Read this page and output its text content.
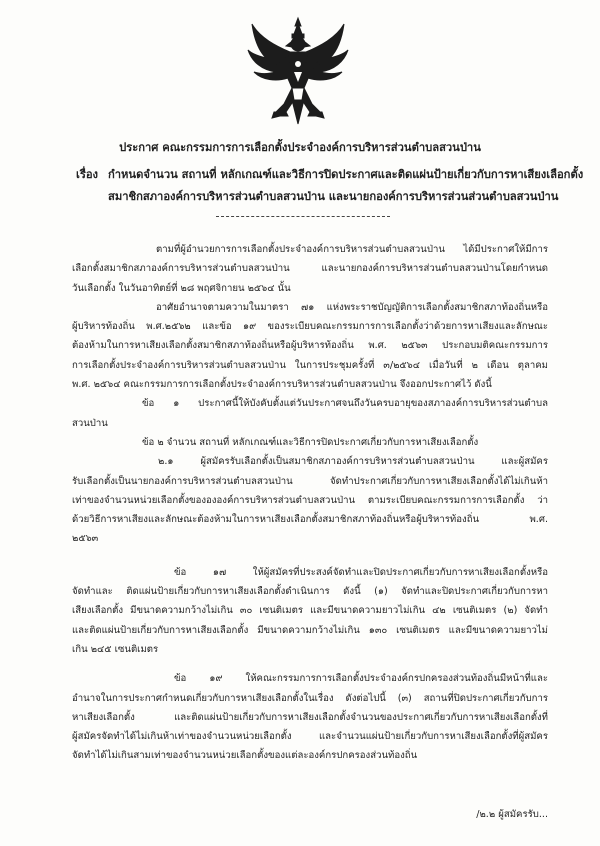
ประกาศ คณะกรรมการการเลือกตั้งประจำองค์การบริหารส่วนตำบลสวนป่าน
เรื่อง กำหนดจำนวน สถานที่ หลักเกณฑ์และวิธีการปิดประกาศและติดแผ่นป้ายเกี่ยวกับการหาเสียงเลือกตั้ง
สมาชิกสภาองค์การบริหารส่วนตำบลสวนป่าน และนายกองค์การบริหารส่วนส่วนตำบลสวนป่าน
ตามที่ผู้อำนวยการการเลือกตั้งประจำองค์การบริหารส่วนตำบลสวนป่าน ได้มีประกาศให้มีการ
เลือกตั้งสมาชิกสภาองค์การบริหารส่วนตำบลสวนป่าน และนายกองค์การบริหารส่วนตำบลสวนป่านโดยกำหนด
วันเลือกตั้ง ในวันอาทิตย์ที่ ๒๘ พฤศจิกายน ๒๕๖๔ นั้น
อาศัยอำนาจตามความในมาตรา ๗๑ แห่งพระราชบัญญัติการเลือกตั้งสมาชิกสภาท้องถิ่นหรือ
ผู้บริหารท้องถิ่น พ.ศ.๒๕๖๒ และข้อ ๑๙ ของระเบียบคณะกรรมการการเลือกตั้งว่าด้วยการหาเสียงและลักษณะ
ต้องห้ามในการหาเสียงเลือกตั้งสมาชิกสภาท้องถิ่นหรือผู้บริหารท้องถิ่น พ.ศ. ๒๕๖๓ ประกอบมติคณะกรรมการ
การเลือกตั้งประจำองค์การบริหารส่วนตำบลสวนป่าน ในการประชุมครั้งที่ ๓/๒๕๖๔ เมื่อวันที่ ๒ เดือน ตุลาคม
พ.ศ. ๒๕๖๔ คณะกรรมการการเลือกตั้งประจำองค์การบริหารส่วนตำบลสวนป่าน จึงออกประกาศไว้ ดังนี้
ข้อ ๑ ประกาศนี้ให้บังคับตั้งแต่วันประกาศจนถึงวันครบอายุของสภาองค์การบริหารส่วนตำบล
สวนป่าน
ข้อ ๒ จำนวน สถานที่ หลักเกณฑ์และวิธีการปิดประกาศเกี่ยวกับการหาเสียงเลือกตั้ง
๒.๑ ผู้สมัครรับเลือกตั้งเป็นสมาชิกสภาองค์การบริหารส่วนตำบลสวนป่าน และผู้สมัคร
รับเลือกตั้งเป็นนายกองค์การบริหารส่วนตำบลสวนป่าน จัดทำประกาศเกี่ยวกับการหาเสียงเลือกตั้งได้ไม่เกินห้า
เท่าของจำนวนหน่วยเลือกตั้งของององค์การบริหารส่วนตำบลสวนป่าน ตามระเบียบคณะกรรมการการเลือกตั้ง ว่า
ด้วยวิธีการหาเสียงและลักษณะต้องห้ามในการหาเสียงเลือกตั้งสมาชิกสภาท้องถิ่นหรือผู้บริหารท้องถิ่น พ.ศ.
๒๕๖๓
ข้อ ๑๗ ให้ผู้สมัครที่ประสงค์จัดทำและปิดประกาศเกี่ยวกับการหาเสียงเลือกตั้งหรือ
จัดทำและ ติดแผ่นป้ายเกี่ยวกับการหาเสียงเลือกตั้งดำเนินการ ดังนี้ (๑) จัดทำและปิดประกาศเกี่ยวกับการหา
เสียงเลือกตั้ง มีขนาดความกว้างไม่เกิน ๓๐ เซนติเมตร และมีขนาดความยาวไม่เกิน ๔๒ เซนติเมตร (๒) จัดทำ
และติดแผ่นป้ายเกี่ยวกับการหาเสียงเลือกตั้ง มีขนาดความกว้างไม่เกิน ๑๓๐ เซนติเมตร และมีขนาดความยาวไม่
เกิน ๒๔๕ เซนติเมตร
ข้อ ๑๙ ให้คณะกรรมการการเลือกตั้งประจำองค์กรปกครองส่วนท้องถิ่นมีหน้าที่และ
อำนาจในการประกาศกำหนดเกี่ยวกับการหาเสียงเลือกตั้งในเรื่อง ดังต่อไปนี้ (๓) สถานที่ปิดประกาศเกี่ยวกับการ
หาเสียงเลือกตั้ง และติดแผ่นป้ายเกี่ยวกับการหาเสียงเลือกตั้งจำนวนของประกาศเกี่ยวกับการหาเสียงเลือกตั้งที่
ผู้สมัครจัดทำได้ไม่เกินห้าเท่าของจำนวนหน่วยเลือกตั้ง และจำนวนแผ่นป้ายเกี่ยวกับการหาเสียงเลือกตั้งที่ผู้สมัคร
จัดทำได้ไม่เกินสามเท่าของจำนวนหน่วยเลือกตั้งของแต่ละองค์กรปกครองส่วนท้องถิ่น
/๒.๒ ผู้สมัครรับ...
